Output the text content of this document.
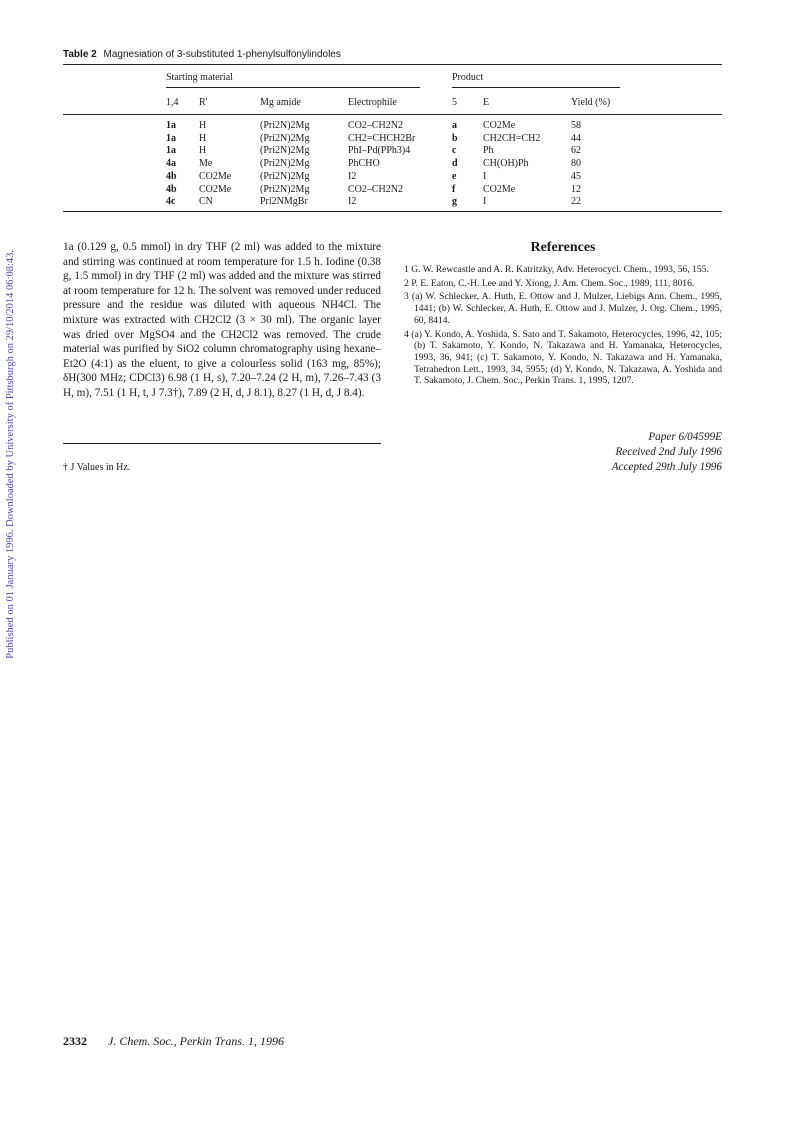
Published on 01 January 1996. Downloaded by University of Pittsburgh on 29/10/2014 06:08:43.
Table 2 Magnesiation of 3-substituted 1-phenylsulfonylindoles
Starting material	Product
1,4 R'	Mg amide	Electrophile	5	E	Yield (%)
1a H	(Pri2N)2Mg	CO2–CH2N2	a	CO2Me	58
1a H	(Pri2N)2Mg	CH2=CHCH2Br	b	CH2CH=CH2	44
1a H	(Pri2N)2Mg	PhI–Pd(PPh3)4	c	Ph	62
4a Me	(Pri2N)2Mg	PhCHO	d	CH(OH)Ph	80
4b CO2Me	(Pri2N)2Mg	I2	e	I	45
4b CO2Me	(Pri2N)2Mg	CO2–CH2N2	f	CO2Me	12
4c CN	Pri2NMgBr	I2	g	I	22
1a (0.129 g, 0.5 mmol) in dry THF (2 ml) was added to the mixture and stirring was continued at room temperature for 1.5 h. Iodine (0.38 g, 1.5 mmol) in dry THF (2 ml) was added and the mixture was stirred at room temperature for 12 h. The solvent was removed under reduced pressure and the residue was diluted with aqueous NH4Cl. The mixture was extracted with CH2Cl2 (3 × 30 ml). The organic layer was dried over MgSO4 and the CH2Cl2 was removed. The crude material was purified by SiO2 column chromatography using hexane–Et2O (4:1) as the eluent, to give a colourless solid (163 mg, 85%); δH(300 MHz; CDCl3) 6.98 (1 H, s), 7.20–7.24 (2 H, m), 7.26–7.43 (3 H, m), 7.51 (1 H, t, J 7.3†), 7.89 (2 H, d, J 8.1), 8.27 (1 H, d, J 8.4).
† J Values in Hz.
References
1 G. W. Rewcastle and A. R. Katritzky, Adv. Heterocycl. Chem., 1993, 56, 155.
2 P. E. Eaton, C.-H. Lee and Y. Xiong, J. Am. Chem. Soc., 1989, 111, 8016.
3 (a) W. Schlecker, A. Huth, E. Ottow and J. Mulzer, Liebigs Ann. Chem., 1995, 1441; (b) W. Schlecker, A. Huth, E. Ottow and J. Mulzer, J. Org. Chem., 1995, 60, 8414.
4 (a) Y. Kondo, A. Yoshida, S. Sato and T. Sakamoto, Heterocycles, 1996, 42, 105; (b) T. Sakamoto, Y. Kondo, N. Takazawa and H. Yamanaka, Heterocycles, 1993, 36, 941; (c) T. Sakamoto, Y. Kondo, N. Takazawa and H. Yamanaka, Tetrahedron Lett., 1993, 34, 5955; (d) Y. Kondo, N. Takazawa, A. Yoshida and T. Sakamoto, J. Chem. Soc., Perkin Trans. 1, 1995, 1207.
Paper 6/04599E
Received 2nd July 1996
Accepted 29th July 1996
2332 J. Chem. Soc., Perkin Trans. 1, 1996
